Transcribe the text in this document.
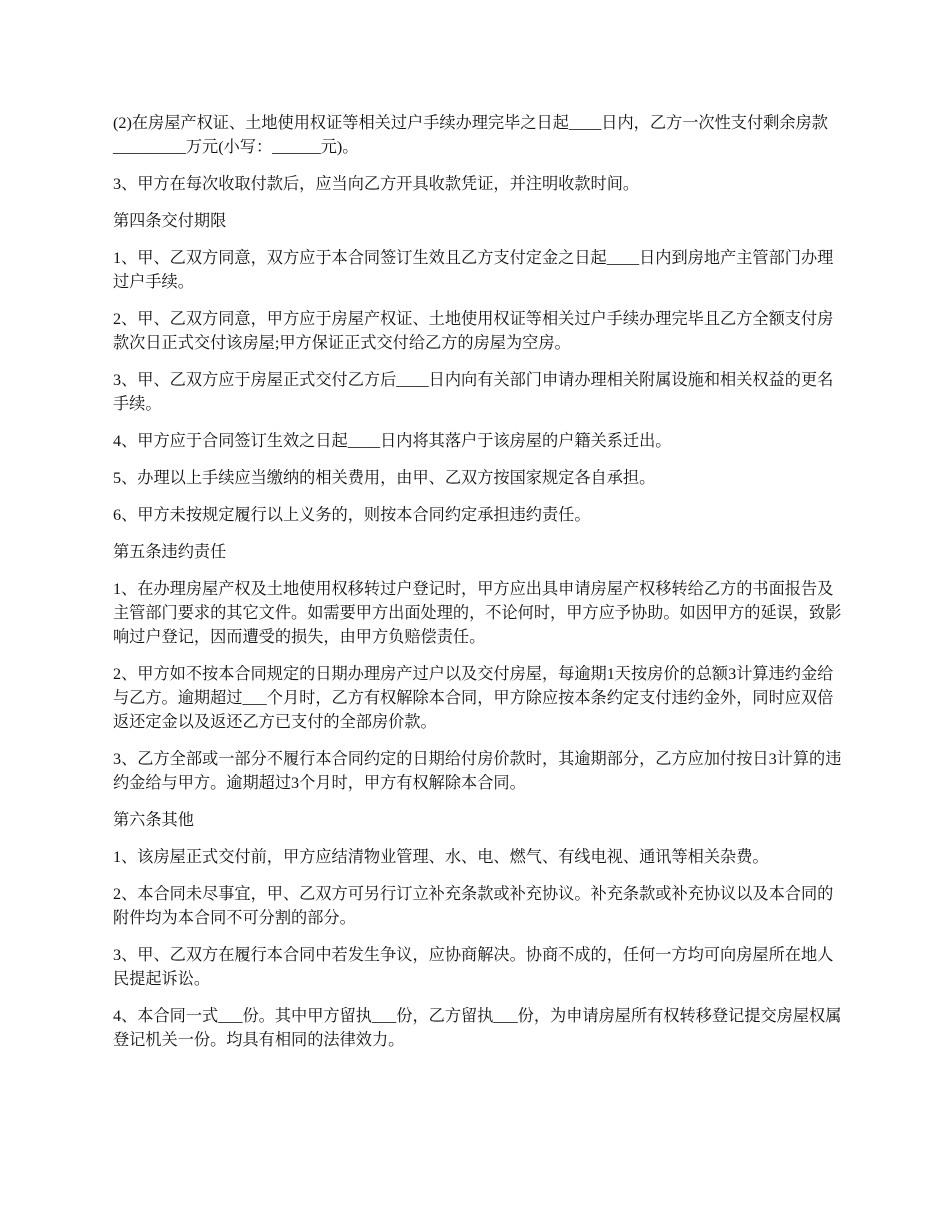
(2)在房屋产权证、土地使用权证等相关过户手续办理完毕之日起____日内，乙方一次性支付剩余房款_________万元(小写：______元)。

3、甲方在每次收取付款后，应当向乙方开具收款凭证，并注明收款时间。

第四条交付期限

1、甲、乙双方同意，双方应于本合同签订生效且乙方支付定金之日起____日内到房地产主管部门办理过户手续。

2、甲、乙双方同意，甲方应于房屋产权证、土地使用权证等相关过户手续办理完毕且乙方全额支付房款次日正式交付该房屋;甲方保证正式交付给乙方的房屋为空房。

3、甲、乙双方应于房屋正式交付乙方后____日内向有关部门申请办理相关附属设施和相关权益的更名手续。

4、甲方应于合同签订生效之日起____日内将其落户于该房屋的户籍关系迁出。

5、办理以上手续应当缴纳的相关费用，由甲、乙双方按国家规定各自承担。

6、甲方未按规定履行以上义务的，则按本合同约定承担违约责任。

第五条违约责任

1、在办理房屋产权及土地使用权移转过户登记时，甲方应出具申请房屋产权移转给乙方的书面报告及主管部门要求的其它文件。如需要甲方出面处理的，不论何时，甲方应予协助。如因甲方的延误，致影响过户登记，因而遭受的损失，由甲方负赔偿责任。

2、甲方如不按本合同规定的日期办理房产过户以及交付房屋，每逾期1天按房价的总额3计算违约金给与乙方。逾期超过___个月时，乙方有权解除本合同，甲方除应按本条约定支付违约金外，同时应双倍返还定金以及返还乙方已支付的全部房价款。

3、乙方全部或一部分不履行本合同约定的日期给付房价款时，其逾期部分，乙方应加付按日3计算的违约金给与甲方。逾期超过3个月时，甲方有权解除本合同。

第六条其他

1、该房屋正式交付前，甲方应结清物业管理、水、电、燃气、有线电视、通讯等相关杂费。

2、本合同未尽事宜，甲、乙双方可另行订立补充条款或补充协议。补充条款或补充协议以及本合同的附件均为本合同不可分割的部分。

3、甲、乙双方在履行本合同中若发生争议，应协商解决。协商不成的，任何一方均可向房屋所在地人民提起诉讼。

4、本合同一式___份。其中甲方留执___份，乙方留执___份，为申请房屋所有权转移登记提交房屋权属登记机关一份。均具有相同的法律效力。
